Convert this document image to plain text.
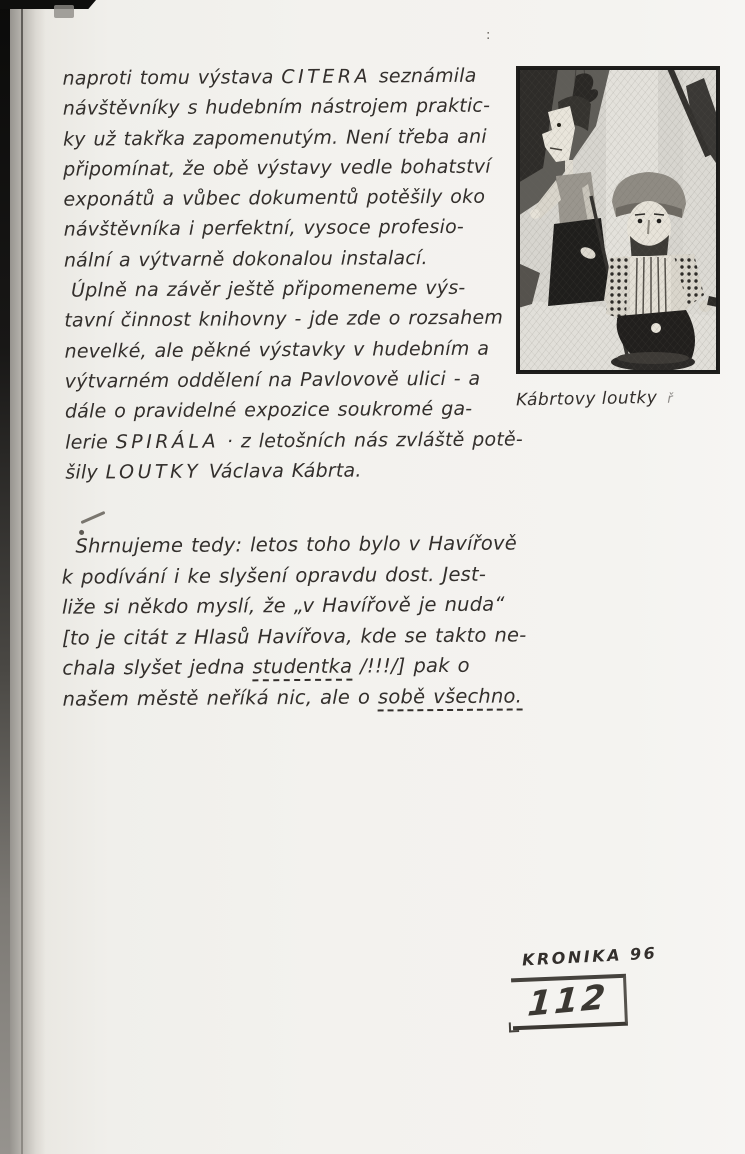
:
naproti tomu výstava CITERA seznámila
návštěvníky s hudebním nástrojem praktic-
ky už takřka zapomenutým. Není třeba ani
připomínat, že obě výstavy vedle bohatství
exponátů a vůbec dokumentů potěšily oko
návštěvníka i perfektní, vysoce profesio-
nální a výtvarně dokonalou instalací.
Úplně na závěr ještě připomeneme výs-
tavní činnost knihovny - jde zde o rozsahem
nevelké, ale pěkné výstavky v hudebním a
výtvarném oddělení na Pavlovově ulici - a
dále o pravidelné expozice soukromé ga-
lerie SPIRÁLA · z letošních nás zvláště potě-
šily LOUTKY Václava Kábrta.
Shrnujeme tedy: letos toho bylo v Havířově
k podívání i ke slyšení opravdu dost. Jest-
liže si někdo myslí, že „v Havířově je nuda“
[to je citát z Hlasů Havířova, kde se takto ne-
chala slyšet jedna studentka /!!!/] pak o
našem městě neříká nic, ale o sobě všechno.
Kábrtovy loutky ř
KRONIKA 96
112
